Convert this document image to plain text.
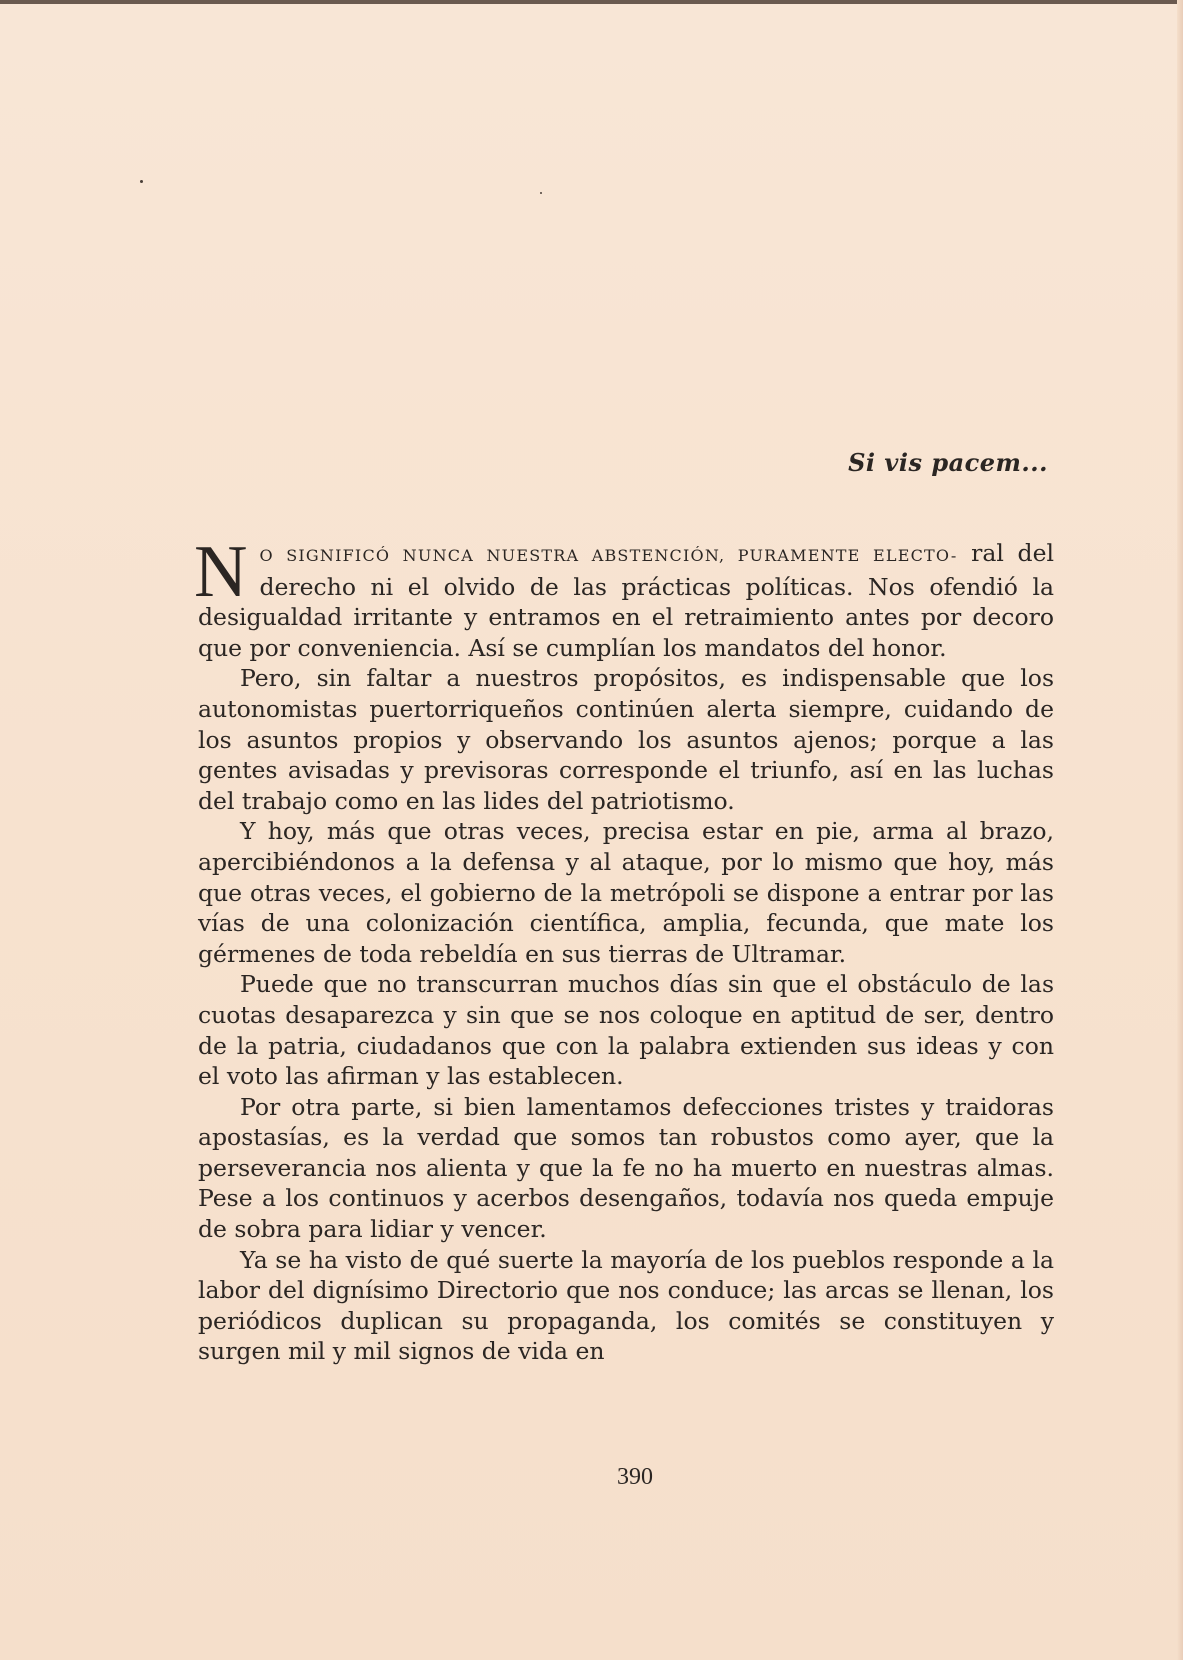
Si vis pacem...

N O SIGNIFICÓ NUNCA NUESTRA ABSTENCIÓN, PURAMENTE ELECTO- ral del derecho ni el olvido de las prácticas políticas. Nos ofendió la desigualdad irritante y entramos en el retraimiento antes por decoro que por conveniencia. Así se cumplían los mandatos del honor.

Pero, sin faltar a nuestros propósitos, es indispensable que los autonomistas puertorriqueños continúen alerta siempre, cuidando de los asuntos propios y observando los asuntos ajenos; porque a las gentes avisadas y previsoras corresponde el triunfo, así en las luchas del trabajo como en las lides del patriotismo.

Y hoy, más que otras veces, precisa estar en pie, arma al brazo, apercibiéndonos a la defensa y al ataque, por lo mismo que hoy, más que otras veces, el gobierno de la metrópoli se dispone a entrar por las vías de una colonización científica, amplia, fecunda, que mate los gérmenes de toda rebeldía en sus tierras de Ultramar.

Puede que no transcurran muchos días sin que el obstáculo de las cuotas desaparezca y sin que se nos coloque en aptitud de ser, dentro de la patria, ciudadanos que con la palabra extienden sus ideas y con el voto las afirman y las establecen.

Por otra parte, si bien lamentamos defecciones tristes y traidoras apostasías, es la verdad que somos tan robustos como ayer, que la perseverancia nos alienta y que la fe no ha muerto en nuestras almas. Pese a los continuos y acerbos desengaños, todavía nos queda empuje de sobra para lidiar y vencer.

Ya se ha visto de qué suerte la mayoría de los pueblos responde a la labor del dignísimo Directorio que nos conduce; las arcas se llenan, los periódicos duplican su propaganda, los comités se constituyen y surgen mil y mil signos de vida en

390
